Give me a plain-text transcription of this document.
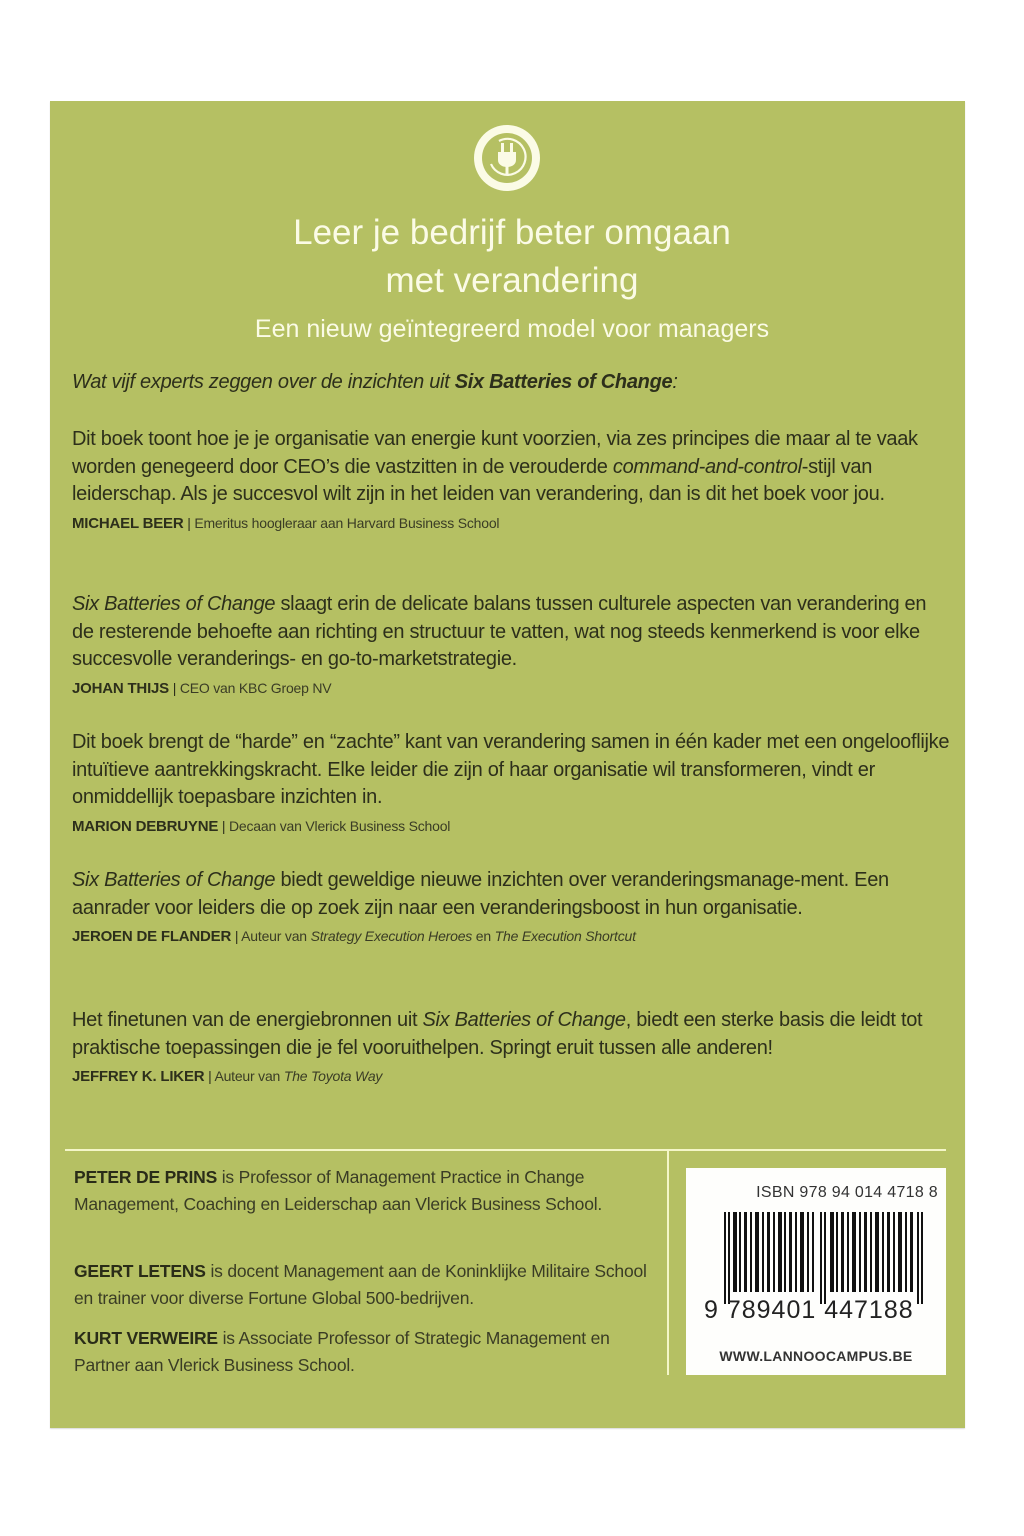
Leer je bedrijf beter omgaan
met verandering
Een nieuw geïntegreerd model voor managers
Wat vijf experts zeggen over de inzichten uit Six Batteries of Change:

Dit boek toont hoe je je organisatie van energie kunt voorzien, via zes principes die maar al te vaak worden genegeerd door CEO’s die vastzitten in de verouderde command-and-control-stijl van leiderschap. Als je succesvol wilt zijn in het leiden van verandering, dan is dit het boek voor jou.

MICHAEL BEER | Emeritus hoogleraar aan Harvard Business School

Six Batteries of Change slaagt erin de delicate balans tussen culturele aspecten van verandering en de resterende behoefte aan richting en structuur te vatten, wat nog steeds kenmerkend is voor elke succesvolle veranderings- en go-to-marketstrategie.

JOHAN THIJS | CEO van KBC Groep NV

Dit boek brengt de “harde” en “zachte” kant van verandering samen in één kader met een ongelooflijke intuïtieve aantrekkingskracht. Elke leider die zijn of haar organisatie wil transformeren, vindt er onmiddellijk toepasbare inzichten in.

MARION DEBRUYNE | Decaan van Vlerick Business School

Six Batteries of Change biedt geweldige nieuwe inzichten over veranderingsmanage-ment. Een aanrader voor leiders die op zoek zijn naar een veranderingsboost in hun organisatie.

JEROEN DE FLANDER | Auteur van Strategy Execution Heroes en The Execution Shortcut

Het finetunen van de energiebronnen uit Six Batteries of Change, biedt een sterke basis die leidt tot praktische toepassingen die je fel vooruithelpen. Springt eruit tussen alle anderen!

JEFFREY K. LIKER | Auteur van The Toyota Way
PETER DE PRINS is Professor of Management Practice in Change Management, Coaching en Leiderschap aan Vlerick Business School.
GEERT LETENS is docent Management aan de Koninklijke Militaire School en trainer voor diverse Fortune Global 500-bedrijven.
KURT VERWEIRE is Associate Professor of Strategic Management en Partner aan Vlerick Business School.
ISBN 978 94 014 4718 8
9 789401 447188
WWW.LANNOOCAMPUS.BE
